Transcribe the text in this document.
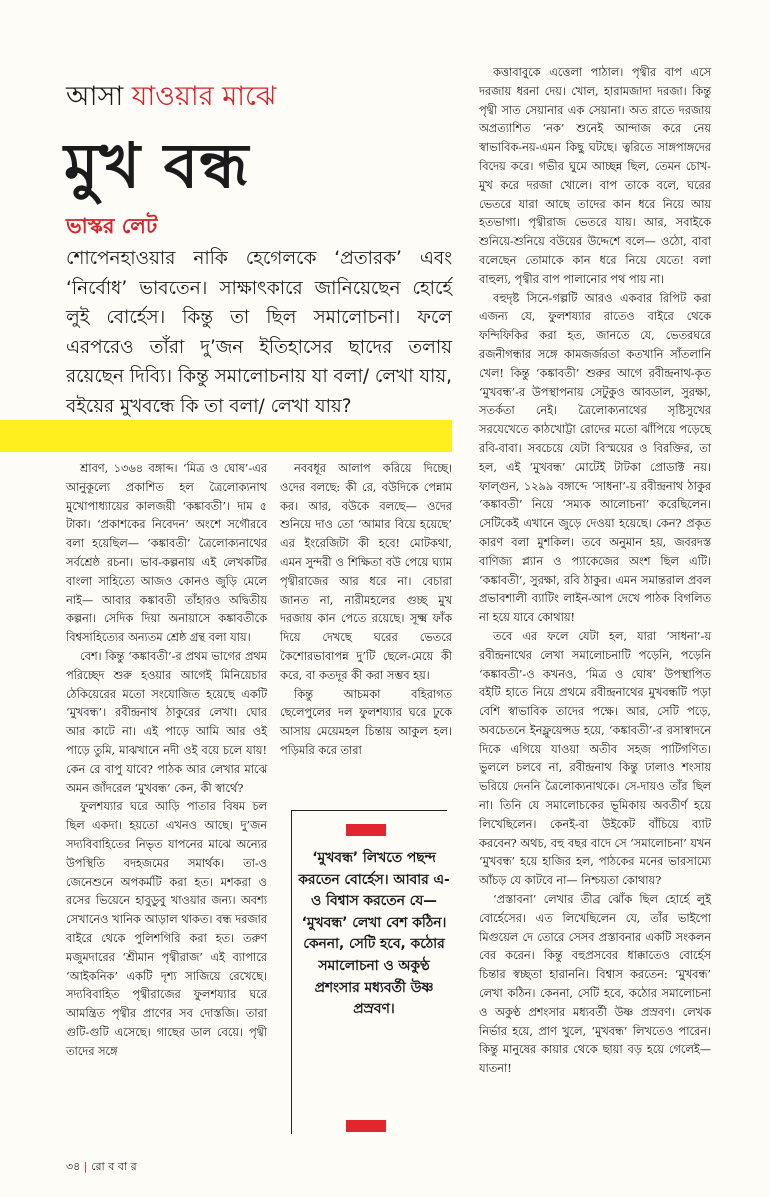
আসা যাওয়ার মাঝে
মুখ বন্ধ
ভাস্কর লেট
শোপেনহাওয়ার নাকি হেগেলকে ‘প্রতারক’ এবং ‘নির্বোধ’ ভাবতেন। সাক্ষাৎকারে জানিয়েছেন হোর্হে লুই বোর্হেস। কিন্তু তা ছিল সমালোচনা। ফলে এরপরেও তাঁরা দু’জন ইতিহাসের ছাদের তলায় রয়েছেন দিব্যি। কিন্তু সমালোচনায় যা বলা/ লেখা যায়, বইয়ের মুখবন্ধে কি তা বলা/ লেখা যায়?

শ্রাবণ, ১৩৬৪ বঙ্গাব্দ। ‘মিত্র ও ঘোষ’-এর আনুকূল্যে প্রকাশিত হল ত্রৈলোক্যনাথ মুখোপাধ্যায়ের কালজয়ী ‘কঙ্কাবতী’। দাম ৫ টাকা। ‘প্রকাশকের নিবেদন’ অংশে সগৌরবে বলা হয়েছিল— ‘কঙ্কাবতী’ ত্রৈলোক্যনাথের সর্বশ্রেষ্ঠ রচনা। ভাব-কল্পনায় এই লেখকটির বাংলা সাহিত্যে আজও কোনও জুড়ি মেলে নাই— আবার কঙ্কাবতী তাঁহারও অদ্বিতীয় কল্পনা। সেদিক দিয়া অনায়াসে কঙ্কাবতীকে বিশ্বসাহিত্যের অন্যতম শ্রেষ্ঠ গ্রন্থ বলা যায়।

বেশ। কিন্তু ‘কঙ্কাবতী’-র প্রথম ভাগের প্রথম পরিচ্ছেদ শুরু হওয়ার আগেই মিনিয়েচার ঠেকিয়েরের মতো সংযোজিত হয়েছে একটি ‘মুখবন্ধ’। রবীন্দ্রনাথ ঠাকুরের লেখা। ঘোর আর কাটে না। এই পাড়ে আমি আর ওই পাড়ে তুমি, মাঝখানে নদী ওই বয়ে চলে যায়! কেন রে বাপু যাবে? পাঠক আর লেখার মাঝে অমন জাঁদরেল ‘মুখবন্ধ’ কেন, কী স্বার্থে?

ফুলশয্যার ঘরে আড়ি পাতার বিষম চল ছিল একদা। হয়তো এখনও আছে। দু’জন সদ্যবিবাহিতের নিভৃত যাপনের মাঝে অন্যের উপস্থিতি বদহজমের সমার্থক। তা-ও জেনেশুনে অপকর্মটি করা হত। মশকরা ও রসের ভিয়েনে হাবুডুবু খাওয়ার জন্য। অবশ্য সেখানেও খানিক আড়াল থাকত। বন্ধ দরজার বাইরে থেকে পুলিশগিরি করা হত। তরুণ মজুমদারের ‘শ্রীমান পৃথ্বীরাজ’ এই ব্যাপারে ‘আইকনিক’ একটি দৃশ্য সাজিয়ে রেখেছে। সদ্যবিবাহিত পৃথ্বীরাজের ফুলশয্যার ঘরে আমন্ত্রিত পৃথ্বীর প্রাণের সব দোস্তজি। তারা গুটি-গুটি এসেছে। গাছের ডাল বেয়ে। পৃথ্বী তাদের সঙ্গে

নববধূর আলাপ করিয়ে দিচ্ছে। ওদের বলছে: কী রে, বউদিকে পেন্নাম কর। আর, বউকে বলছে— ওদের শুনিয়ে দাও তো ‘আমার বিয়ে হয়েছে’ এর ইংরেজিটা কী হবে! মোটকথা, এমন সুন্দরী ও শিক্ষিতা বউ পেয়ে ঘ্যাম পৃথ্বীরাজের আর ধরে না। বেচারা জানত না, নারীমহলের গুচ্ছ মুখ দরজায় কান পেতে রয়েছে। সূক্ষ্ম ফাঁক দিয়ে দেখছে ঘরের ভেতরে কৈশোরভাবাপন্ন দু’টি ছেলে-মেয়ে কী করে, বা কতদূর কী করা সম্ভব হয়।

কিন্তু আচমকা বহিরাগত ছেলেপুলের দল ফুলশয্যার ঘরে ঢুকে আসায় মেয়েমহল চিন্তায় আকুল হল। পড়িমরি করে তারা

‘মুখবন্ধ’ লিখতে পছন্দ করতেন বোর্হেস। আবার এ-ও বিশ্বাস করতেন যে— ‘মুখবন্ধ’ লেখা বেশ কঠিন। কেননা, সেটি হবে, কঠোর সমালোচনা ও অকুণ্ঠ প্রশংসার মধ্যবর্তী উষ্ণ প্রস্রবণ।

কত্তাবাবুকে এত্তেলা পাঠাল। পৃথ্বীর বাপ এসে দরজায় ধরনা দেয়। খোল, হারামজাদা দরজা। কিন্তু পৃথ্বী সাত সেয়ানার এক সেয়ানা। অত রাতে দরজায় অপ্রত্যাশিত ‘নক’ শুনেই আন্দাজ করে নেয় স্বাভাবিক-নয়-এমন কিছু ঘটছে। ত্বরিতে সাঙ্গপাঙ্গদের বিদেয় করে। গভীর ঘুমে আচ্ছন্ন ছিল, তেমন চোখ-মুখ করে দরজা খোলে। বাপ তাকে বলে, ঘরের ভেতরে যারা আছে তাদের কান ধরে নিয়ে আয় হতভাগা। পৃথ্বীরাজ ভেতরে যায়। আর, সবাইকে শুনিয়ে-শুনিয়ে বউয়ের উদ্দেশে বলে— ওঠো, বাবা বলেছেন তোমাকে কান ধরে নিয়ে যেতে! বলা বাহুল্য, পৃথ্বীর বাপ পালানোর পথ পায় না।

বহুদৃষ্ট সিনে-গল্পটি আরও একবার রিপিট করা এজন্য যে, ফুলশয্যার রাতেও বাইরে থেকে ফন্দিফিকির করা হত, জানতে যে, ভেতরঘরে রজনীগন্ধার সঙ্গে কামজর্জরতা কতখানি সাঁতলানি খেল! কিন্তু ‘কঙ্কাবতী’ শুরুর আগে রবীন্দ্রনাথ-কৃত ‘মুখবন্ধ’-র উপস্থাপনায় সেটুকুও আবডাল, সুরক্ষা, সতর্কতা নেই। ত্রৈলোক্যনাথের সৃষ্টিসুখের সরযেখেতে কাঠখোট্টা রোদের মতো ঝাঁপিয়ে পড়েছে রবি-বাবা। সবচেয়ে যেটা বিস্ময়ের ও বিরক্তির, তা হল, এই ‘মুখবন্ধ’ মোটেই টাটকা প্রোডাক্ট নয়। ফাল্গুন, ১২৯৯ বঙ্গাব্দে ‘সাধনা’-য় রবীন্দ্রনাথ ঠাকুর ‘কঙ্কাবতী’ নিয়ে ‘সম্যক আলোচনা’ করেছিলেন। সেটিকেই এখানে জুড়ে দেওয়া হয়েছে। কেন? প্রকৃত কারণ বলা মুশকিল। তবে অনুমান হয়, জবরদস্ত বাণিজ্য প্ল্যান ও প্যাকেজের অংশ ছিল এটি। ‘কঙ্কাবতী’, সুরক্ষা, রবি ঠাকুর। এমন সমান্তরাল প্রবল প্রভাবশালী ব্যাটিং লাইন-আপ দেখে পাঠক বিগলিত না হয়ে যাবে কোথায়!

তবে এর ফলে যেটা হল, যারা ‘সাধনা’-য় রবীন্দ্রনাথের লেখা সমালোচনাটি পড়েনি, পড়েনি ‘কঙ্কাবতী’-ও কখনও, ‘মিত্র ও ঘোষ’ উপস্থাপিত বইটি হাতে নিয়ে প্রথমে রবীন্দ্রনাথের মুখবন্ধটি পড়া বেশি স্বাভাবিক তাদের পক্ষে। আর, সেটি পড়ে, অবচেতনে ইনফ্লুয়েন্সড হয়ে, ‘কঙ্কাবতী’-র রসাস্বাদনে দিকে এগিয়ে যাওয়া অতীব সহজ পাটিগণিত। ভুললে চলবে না, রবীন্দ্রনাথ কিন্তু ঢালাও শংসায় ভরিয়ে দেননি ত্রৈলোক্যনাথকে। সে-দায়ও তাঁর ছিল না। তিনি যে সমালোচকের ভূমিকায় অবতীর্ণ হয়ে লিখেছিলেন। কেনই-বা উইকেট বাঁচিয়ে ব্যাট করবেন? অথচ, বহু বছর বাদে সে ‘সমালোচনা’ যখন ‘মুখবন্ধ’ হয়ে হাজির হল, পাঠকের মনের ভারসাম্যে আঁচড় যে কাটবে না— নিশ্চয়তা কোথায়?

‘প্রস্তাবনা’ লেখার তীব্র ঝোঁক ছিল হোর্হে লুই বোর্হেসের। এত লিখেছিলেন যে, তাঁর ভাইপো মিগুয়েল দে তোরে সেসব প্রস্তাবনার একটি সংকলন বের করেন। কিন্তু বহুপ্রসবের ধাক্কাতেও বোর্হেস চিন্তার স্বচ্ছতা হারাননি। বিশ্বাস করতেন: ‘মুখবন্ধ’ লেখা কঠিন। কেননা, সেটি হবে, কঠোর সমালোচনা ও অকুণ্ঠ প্রশংসার মধ্যবর্তী উষ্ণ প্রস্রবণ। লেখক নির্ভার হয়ে, প্রাণ খুলে, ‘মুখবন্ধ’ লিখতেও পারেন। কিন্তু মানুষের কায়ার থেকে ছায়া বড় হয়ে গেলেই— যাতনা!

৩৪ | রো ব বা র
